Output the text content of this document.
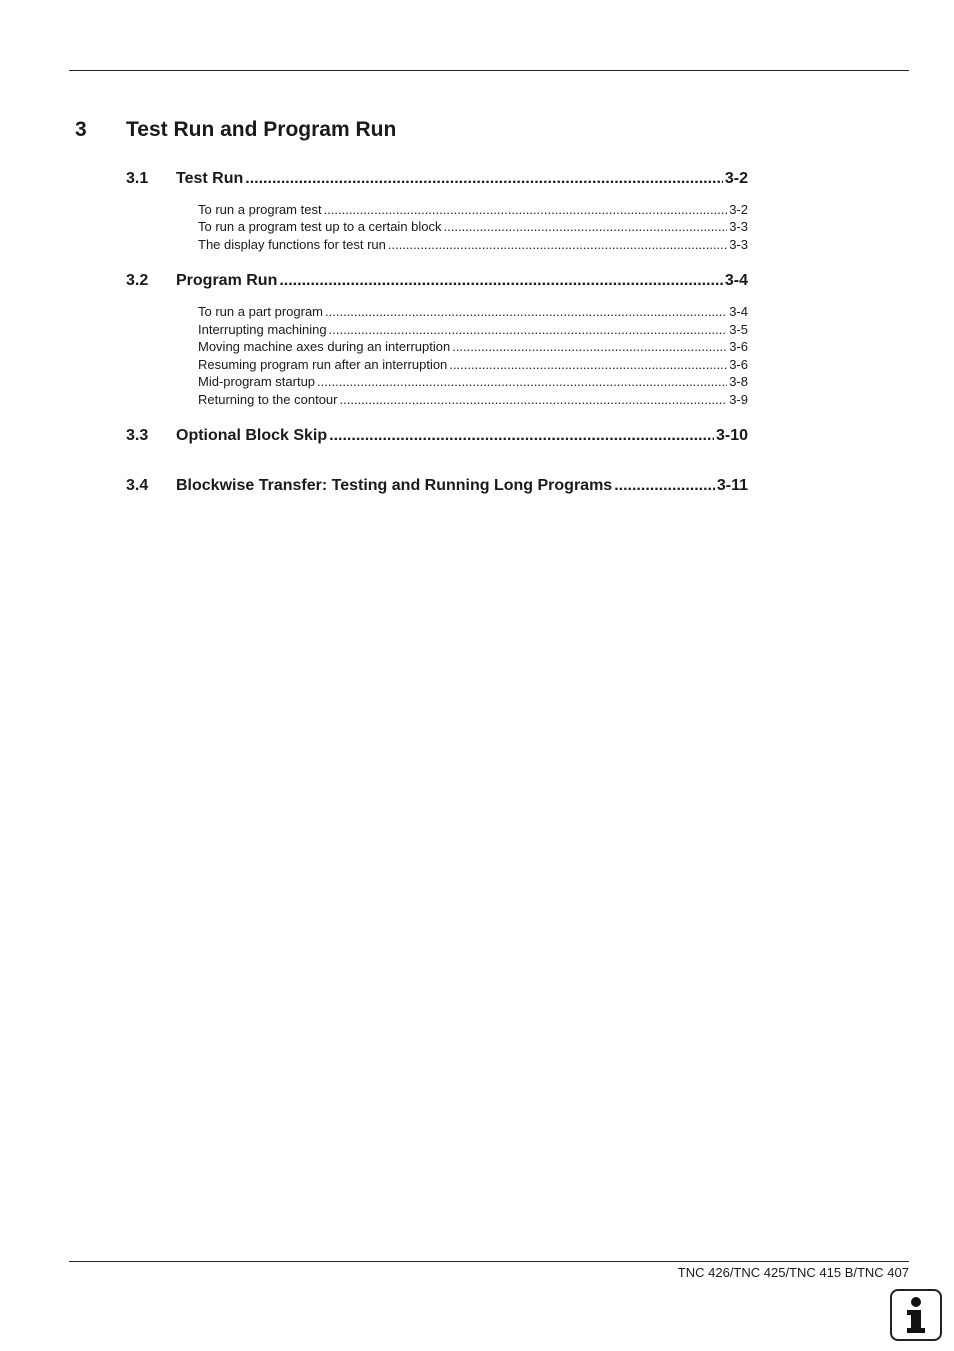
3 Test Run and Program Run
3.1 Test Run .....	3-2
To run a program test .....	3-2
To run a program test up to a certain block .....	3-3
The display functions for test run .....	3-3
3.2 Program Run .....	3-4
To run a part program .....	3-4
Interrupting machining .....	3-5
Moving machine axes during an interruption .....	3-6
Resuming program run after an interruption .....	3-6
Mid-program startup .....	3-8
Returning to the contour .....	3-9
3.3 Optional Block Skip .....	3-10
3.4 Blockwise Transfer: Testing and Running Long Programs .....	3-11
TNC 426/TNC 425/TNC 415 B/TNC 407
